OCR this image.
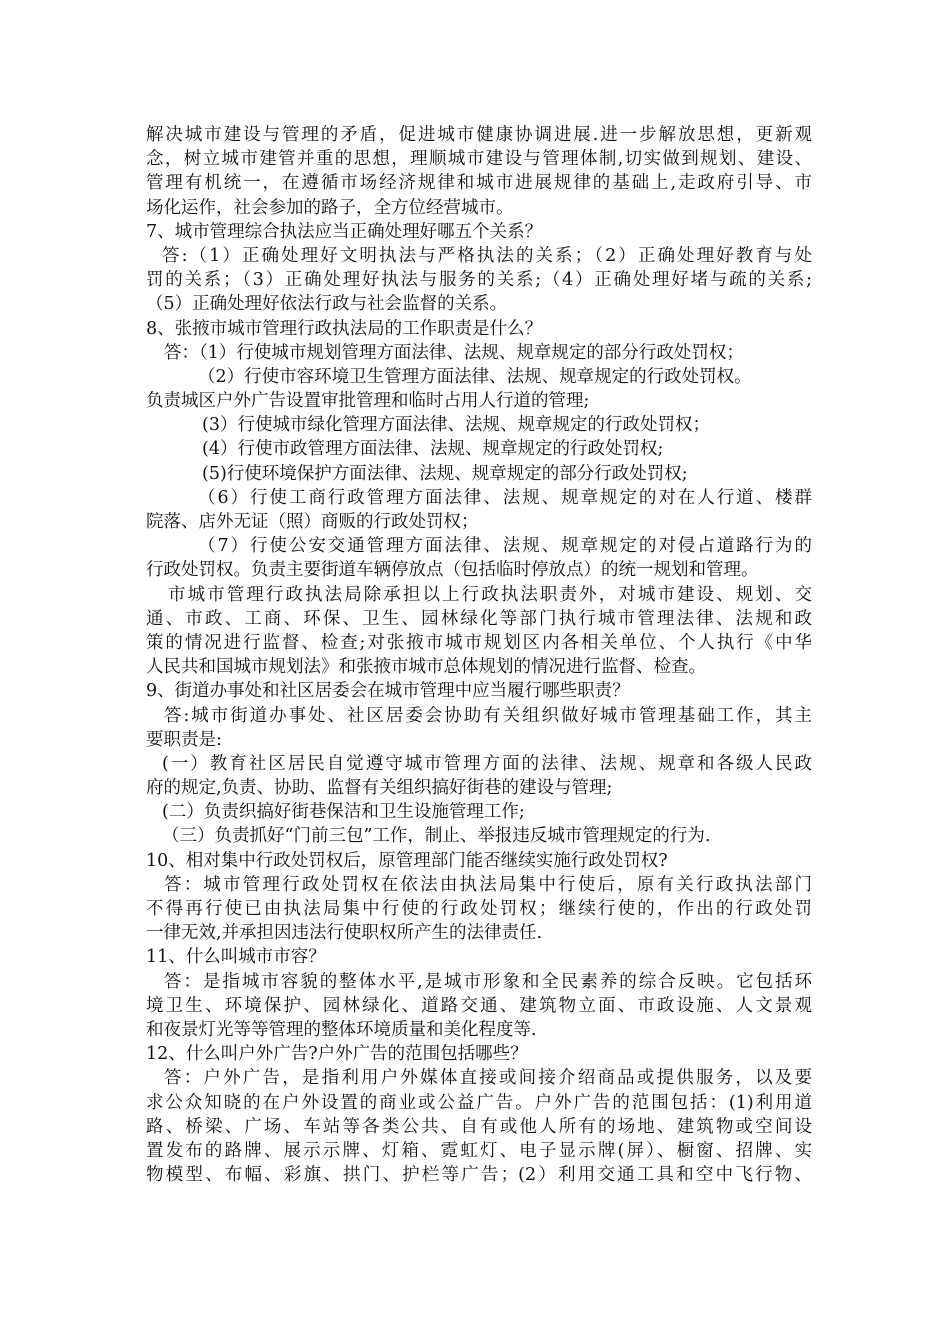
解决城市建设与管理的矛盾，促进城市健康协调进展.进一步解放思想，更新观
念，树立城市建管并重的思想，理顺城市建设与管理体制,切实做到规划、建设、
管理有机统一，在遵循市场经济规律和城市进展规律的基础上,走政府引导、市
场化运作，社会参加的路子，全方位经营城市。
7、城市管理综合执法应当正确处理好哪五个关系？
答:（1）正确处理好文明执法与严格执法的关系；（2）正确处理好教育与处
罚的关系；（3）正确处理好执法与服务的关系;（4）正确处理好堵与疏的关系;
（5）正确处理好依法行政与社会监督的关系。
8、张掖市城市管理行政执法局的工作职责是什么？
答：（1）行使城市规划管理方面法律、法规、规章规定的部分行政处罚权；
（2）行使市容环境卫生管理方面法律、法规、规章规定的行政处罚权。
负责城区户外广告设置审批管理和临时占用人行道的管理;
(3）行使城市绿化管理方面法律、法规、规章规定的行政处罚权；
(4）行使市政管理方面法律、法规、规章规定的行政处罚权;
(5)行使环境保护方面法律、法规、规章规定的部分行政处罚权;
（6）行使工商行政管理方面法律、法规、规章规定的对在人行道、楼群
院落、店外无证（照）商贩的行政处罚权；
（7）行使公安交通管理方面法律、法规、规章规定的对侵占道路行为的
行政处罚权。负责主要街道车辆停放点（包括临时停放点）的统一规划和管理。
市城市管理行政执法局除承担以上行政执法职责外，对城市建设、规划、交
通、市政、工商、环保、卫生、园林绿化等部门执行城市管理法律、法规和政
策的情况进行监督、检查;对张掖市城市规划区内各相关单位、个人执行《中华
人民共和国城市规划法》和张掖市城市总体规划的情况进行监督、检查。
9、街道办事处和社区居委会在城市管理中应当履行哪些职责？
答:城市街道办事处、社区居委会协助有关组织做好城市管理基础工作，其主
要职责是:
(一）教育社区居民自觉遵守城市管理方面的法律、法规、规章和各级人民政
府的规定,负责、协助、监督有关组织搞好街巷的建设与管理;
(二）负责织搞好街巷保洁和卫生设施管理工作;
（三）负责抓好“门前三包”工作，制止、举报违反城市管理规定的行为.
10、相对集中行政处罚权后，原管理部门能否继续实施行政处罚权?
答：城市管理行政处罚权在依法由执法局集中行使后，原有关行政执法部门
不得再行使已由执法局集中行使的行政处罚权；继续行使的，作出的行政处罚
一律无效,并承担因违法行使职权所产生的法律责任.
11、什么叫城市市容？
答：是指城市容貌的整体水平,是城市形象和全民素养的综合反映。它包括环
境卫生、环境保护、园林绿化、道路交通、建筑物立面、市政设施、人文景观
和夜景灯光等等管理的整体环境质量和美化程度等.
12、什么叫户外广告?户外广告的范围包括哪些？
答：户外广告，是指利用户外媒体直接或间接介绍商品或提供服务，以及要
求公众知晓的在户外设置的商业或公益广告。户外广告的范围包括：(1)利用道
路、桥梁、广场、车站等各类公共、自有或他人所有的场地、建筑物或空间设
置发布的路牌、展示示牌、灯箱、霓虹灯、电子显示牌(屏）、橱窗、招牌、实
物模型、布幅、彩旗、拱门、护栏等广告；(2）利用交通工具和空中飞行物、
